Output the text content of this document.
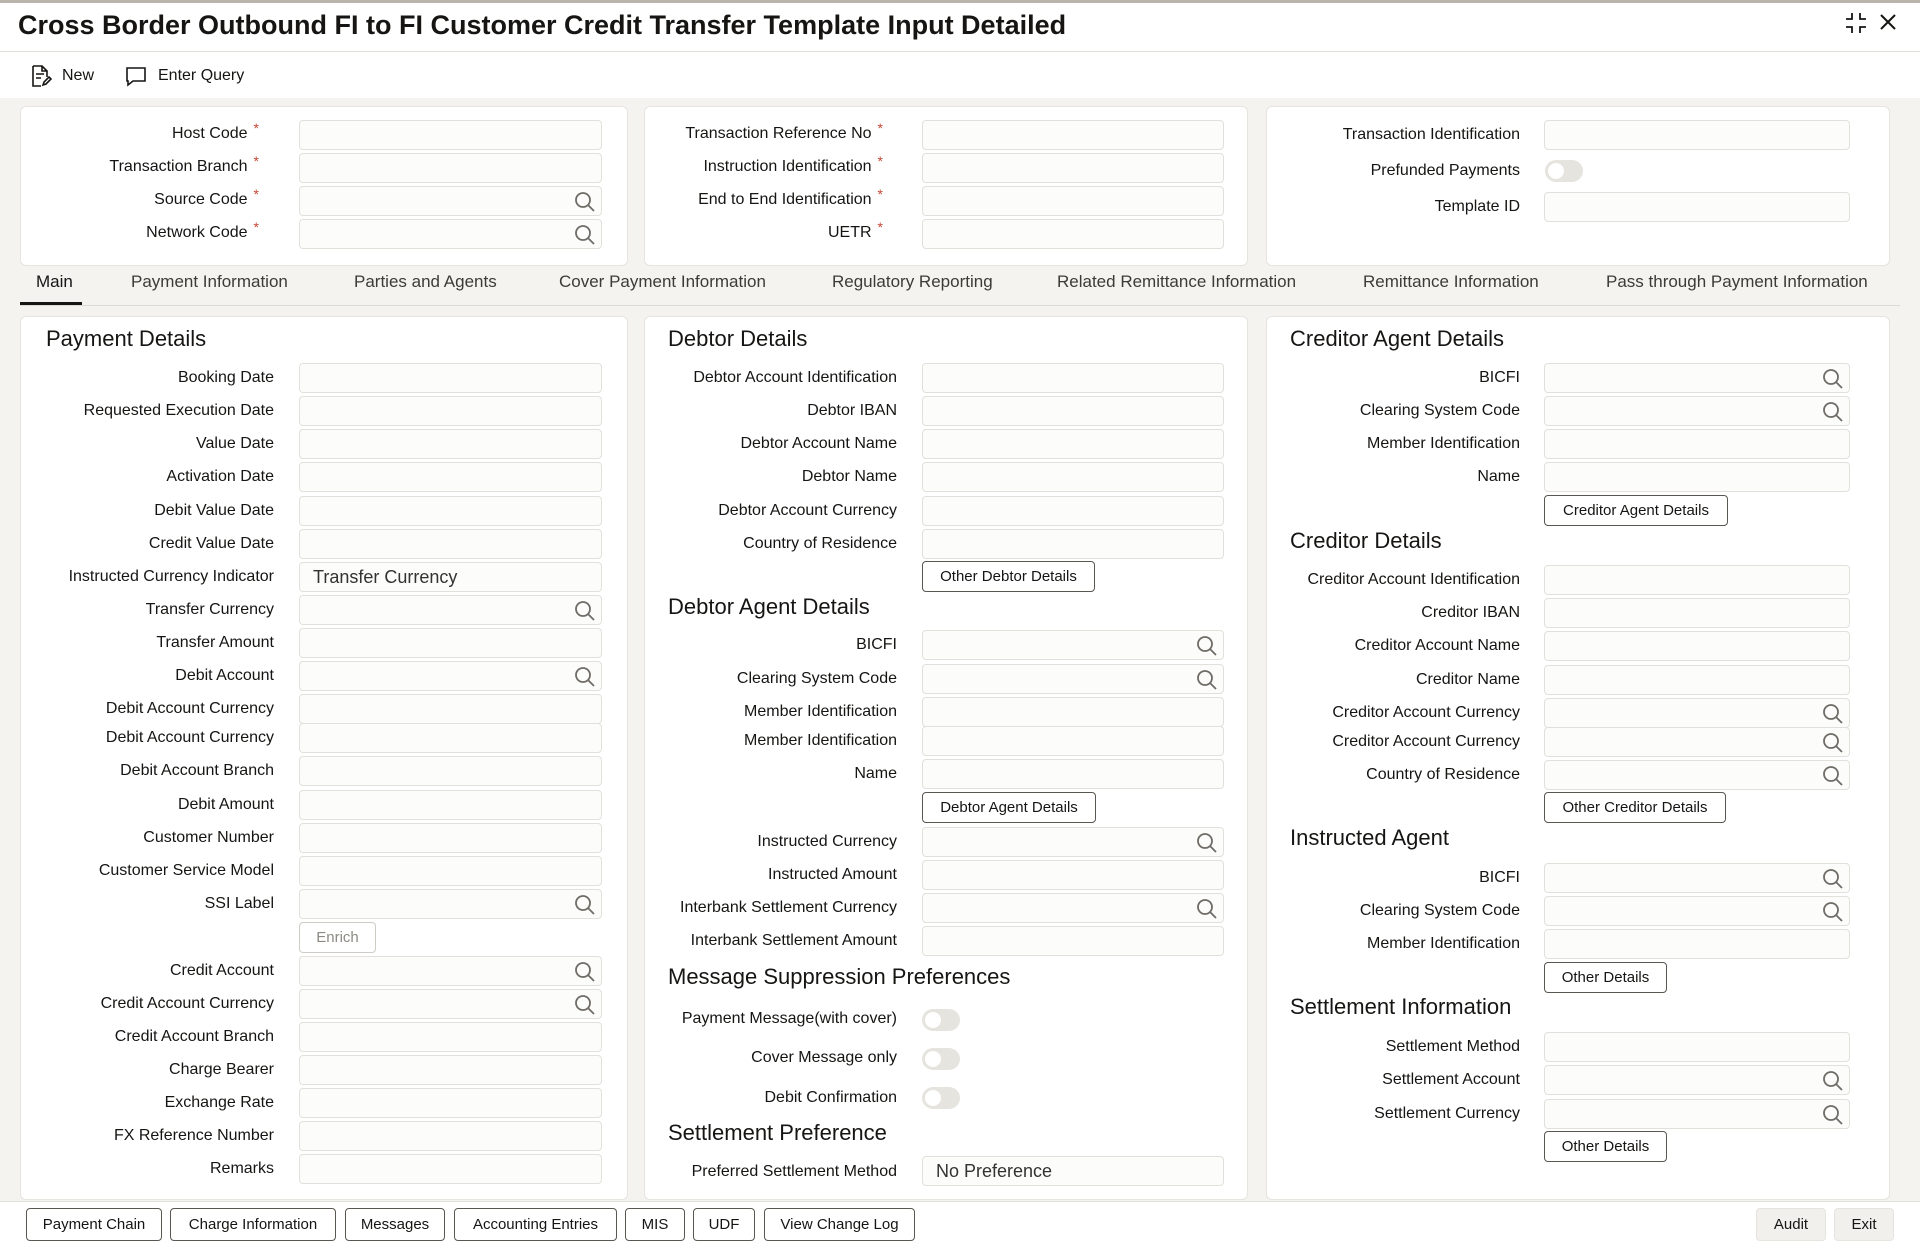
Cross Border Outbound FI to FI Customer Credit Transfer Template Input Detailed
New	Enter Query
Host Code *
Transaction Branch *
Source Code *
Network Code *
Transaction Reference No *
Instruction Identification *
End to End Identification *
UETR *
Transaction Identification
Prefunded Payments
Template ID
Main	Payment Information	Parties and Agents	Cover Payment Information	Regulatory Reporting	Related Remittance Information	Remittance Information	Pass through Payment Information
Payment Details
Booking Date
Requested Execution Date
Value Date
Activation Date
Debit Value Date
Credit Value Date
Instructed Currency Indicator	Transfer Currency
Transfer Currency
Transfer Amount
Debit Account
Debit Account Currency
Debit Account Currency
Debit Account Branch
Debit Amount
Customer Number
Customer Service Model
SSI Label
Enrich
Credit Account
Credit Account Currency
Credit Account Branch
Charge Bearer
Exchange Rate
FX Reference Number
Remarks
Debtor Details
Debtor Account Identification
Debtor IBAN
Debtor Account Name
Debtor Name
Debtor Account Currency
Country of Residence
Other Debtor Details
Debtor Agent Details
BICFI
Clearing System Code
Member Identification
Member Identification
Name
Debtor Agent Details
Instructed Currency
Instructed Amount
Interbank Settlement Currency
Interbank Settlement Amount
Message Suppression Preferences
Payment Message(with cover)
Cover Message only
Debit Confirmation
Settlement Preference
Preferred Settlement Method	No Preference
Creditor Agent Details
BICFI
Clearing System Code
Member Identification
Name
Creditor Agent Details
Creditor Details
Creditor Account Identification
Creditor IBAN
Creditor Account Name
Creditor Name
Creditor Account Currency
Creditor Account Currency
Country of Residence
Other Creditor Details
Instructed Agent
BICFI
Clearing System Code
Member Identification
Other Details
Settlement Information
Settlement Method
Settlement Account
Settlement Currency
Other Details
Payment Chain	Charge Information	Messages	Accounting Entries	MIS	UDF	View Change Log	Audit	Exit
